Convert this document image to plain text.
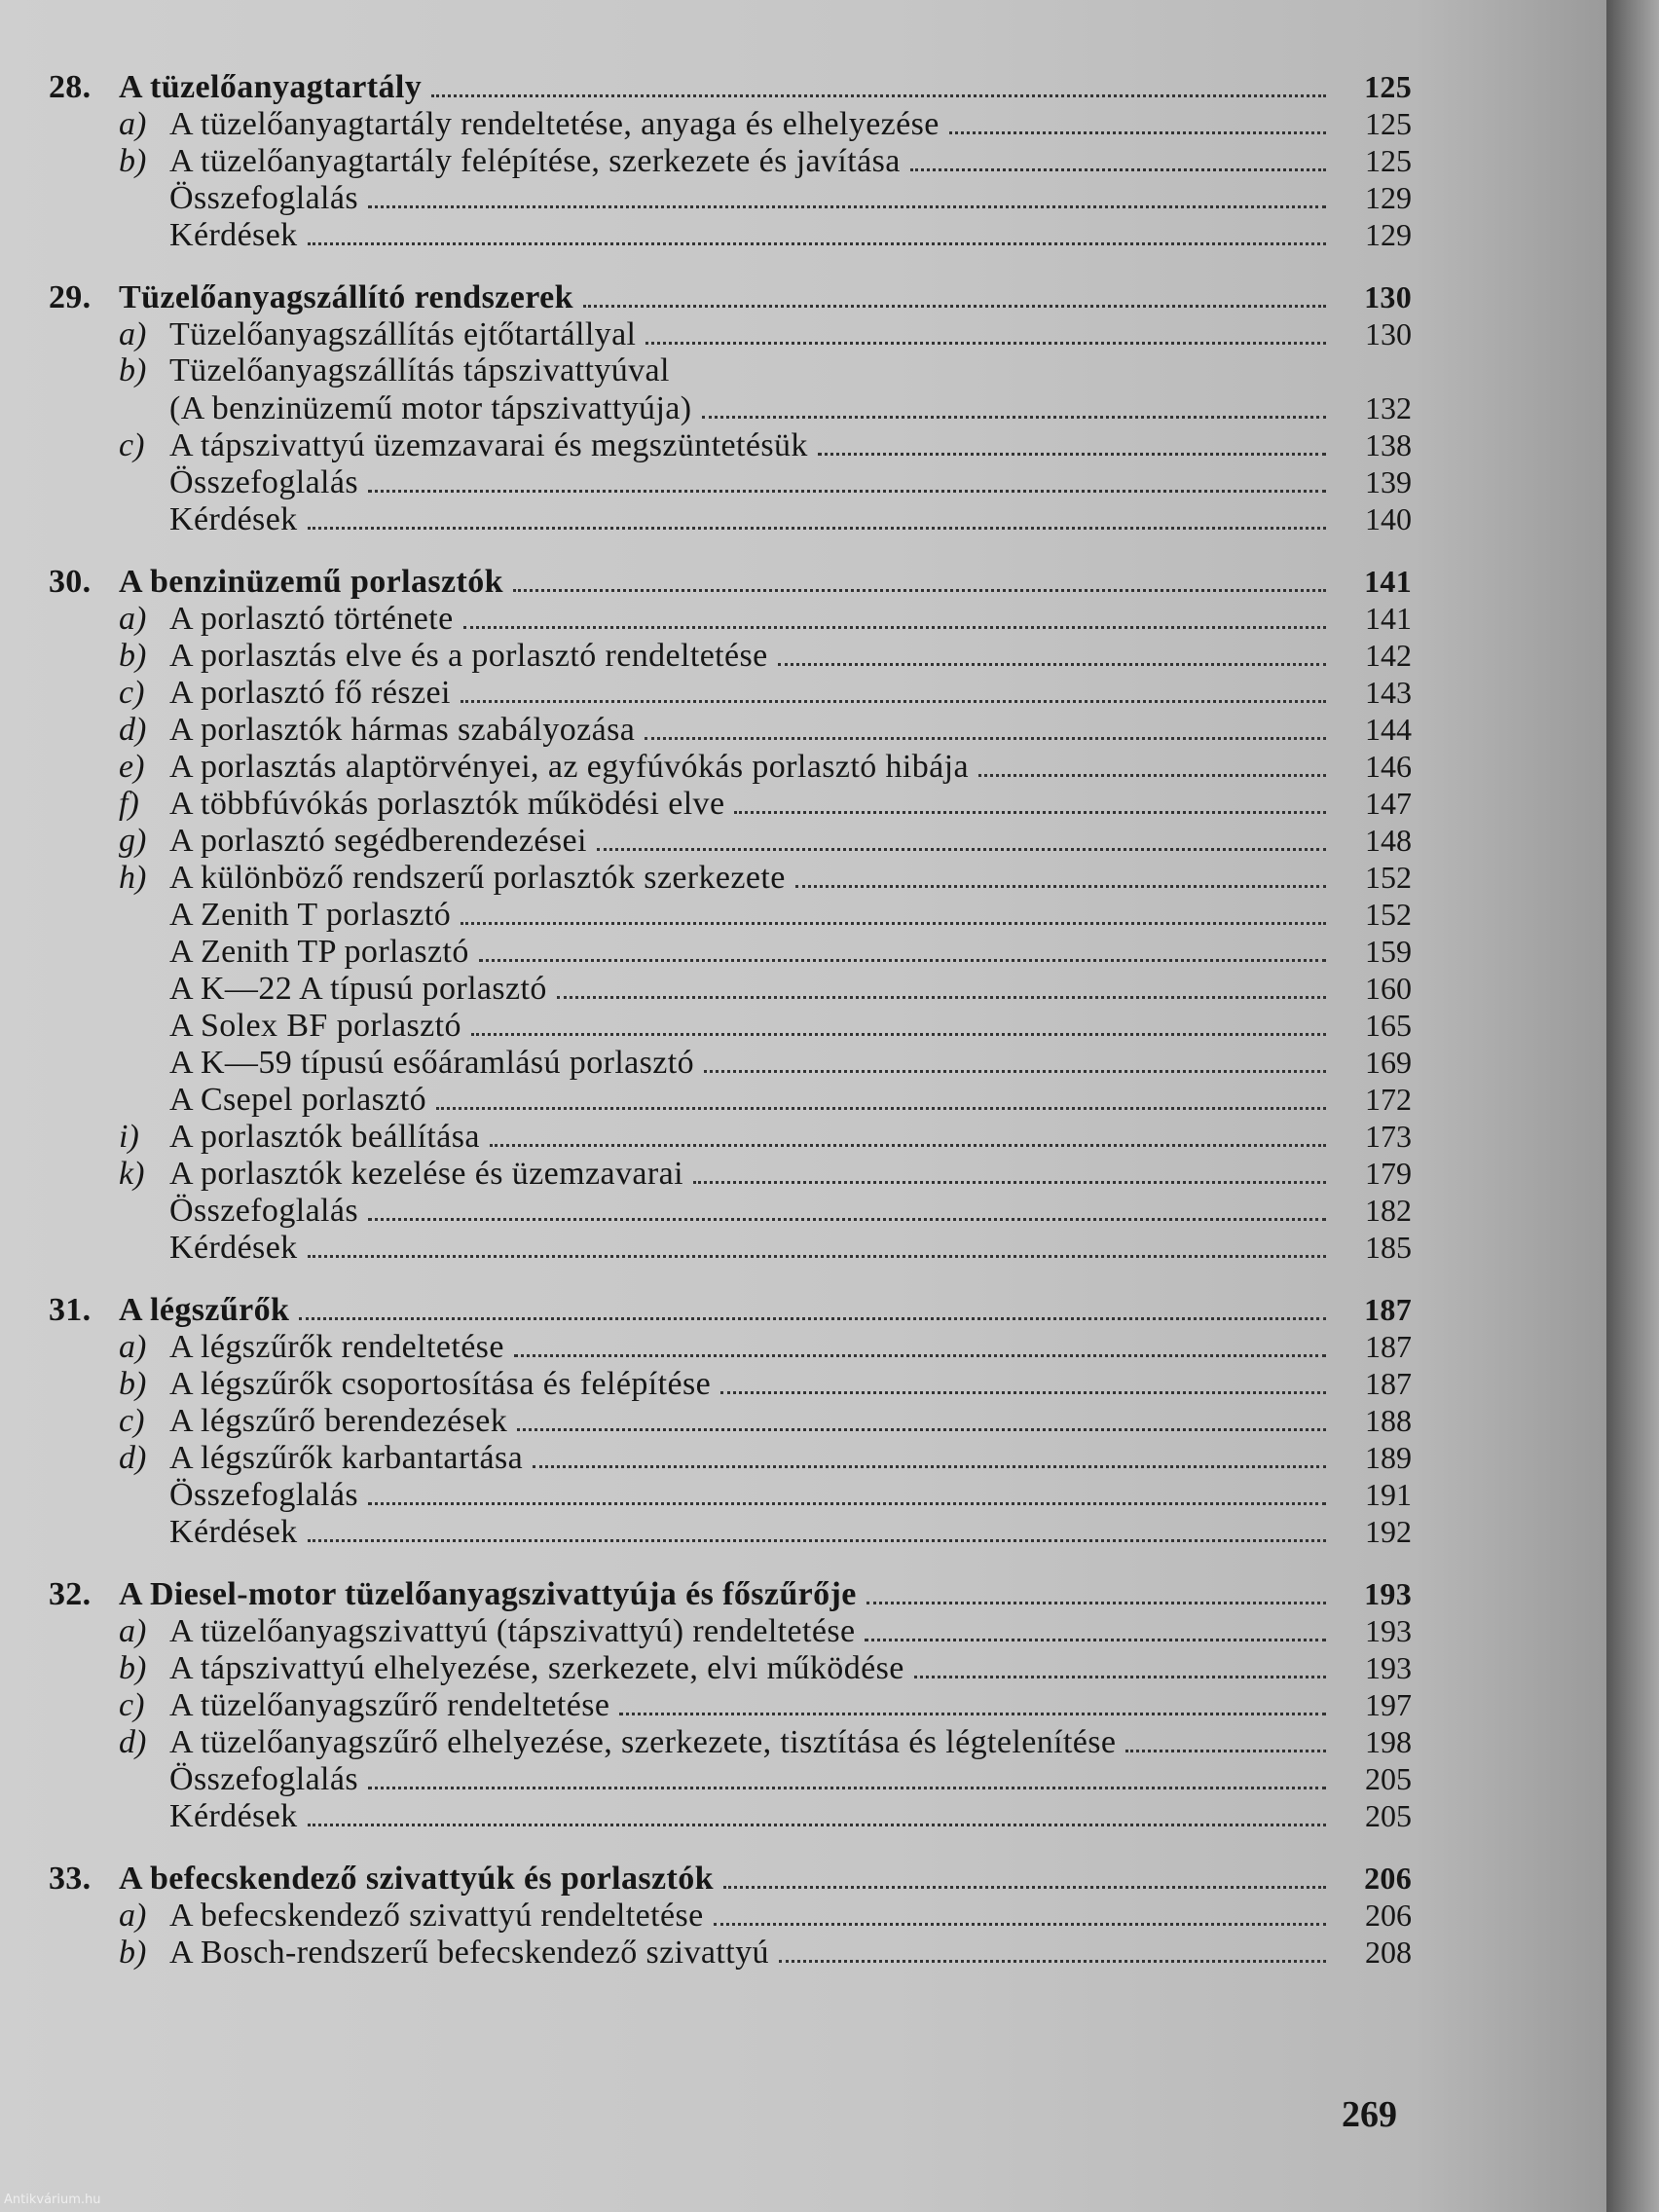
28. A tüzelőanyagtartály	125
a) A tüzelőanyagtartály rendeltetése, anyaga és elhelyezése	125
b) A tüzelőanyagtartály felépítése, szerkezete és javítása	125
Összefoglalás	129
Kérdések	129
29. Tüzelőanyagszállító rendszerek	130
a) Tüzelőanyagszállítás ejtőtartállyal	130
b) Tüzelőanyagszállítás tápszivattyúval
(A benzinüzemű motor tápszivattyúja)	132
c) A tápszivattyú üzemzavarai és megszüntetésük	138
Összefoglalás	139
Kérdések	140
30. A benzinüzemű porlasztók	141
a) A porlasztó története	141
b) A porlasztás elve és a porlasztó rendeltetése	142
c) A porlasztó fő részei	143
d) A porlasztók hármas szabályozása	144
e) A porlasztás alaptörvényei, az egyfúvókás porlasztó hibája	146
f) A többfúvókás porlasztók működési elve	147
g) A porlasztó segédberendezései	148
h) A különböző rendszerű porlasztók szerkezete	152
A Zenith T porlasztó	152
A Zenith TP porlasztó	159
A K—22 A típusú porlasztó	160
A Solex BF porlasztó	165
A K—59 típusú esőáramlású porlasztó	169
A Csepel porlasztó	172
i) A porlasztók beállítása	173
k) A porlasztók kezelése és üzemzavarai	179
Összefoglalás	182
Kérdések	185
31. A légszűrők	187
a) A légszűrők rendeltetése	187
b) A légszűrők csoportosítása és felépítése	187
c) A légszűrő berendezések	188
d) A légszűrők karbantartása	189
Összefoglalás	191
Kérdések	192
32. A Diesel-motor tüzelőanyagszivattyúja és főszűrője	193
a) A tüzelőanyagszivattyú (tápszivattyú) rendeltetése	193
b) A tápszivattyú elhelyezése, szerkezete, elvi működése	193
c) A tüzelőanyagszűrő rendeltetése	197
d) A tüzelőanyagszűrő elhelyezése, szerkezete, tisztítása és légtelenítése	198
Összefoglalás	205
Kérdések	205
33. A befecskendező szivattyúk és porlasztók	206
a) A befecskendező szivattyú rendeltetése	206
b) A Bosch-rendszerű befecskendező szivattyú	208
269
Antikvárium.hu
